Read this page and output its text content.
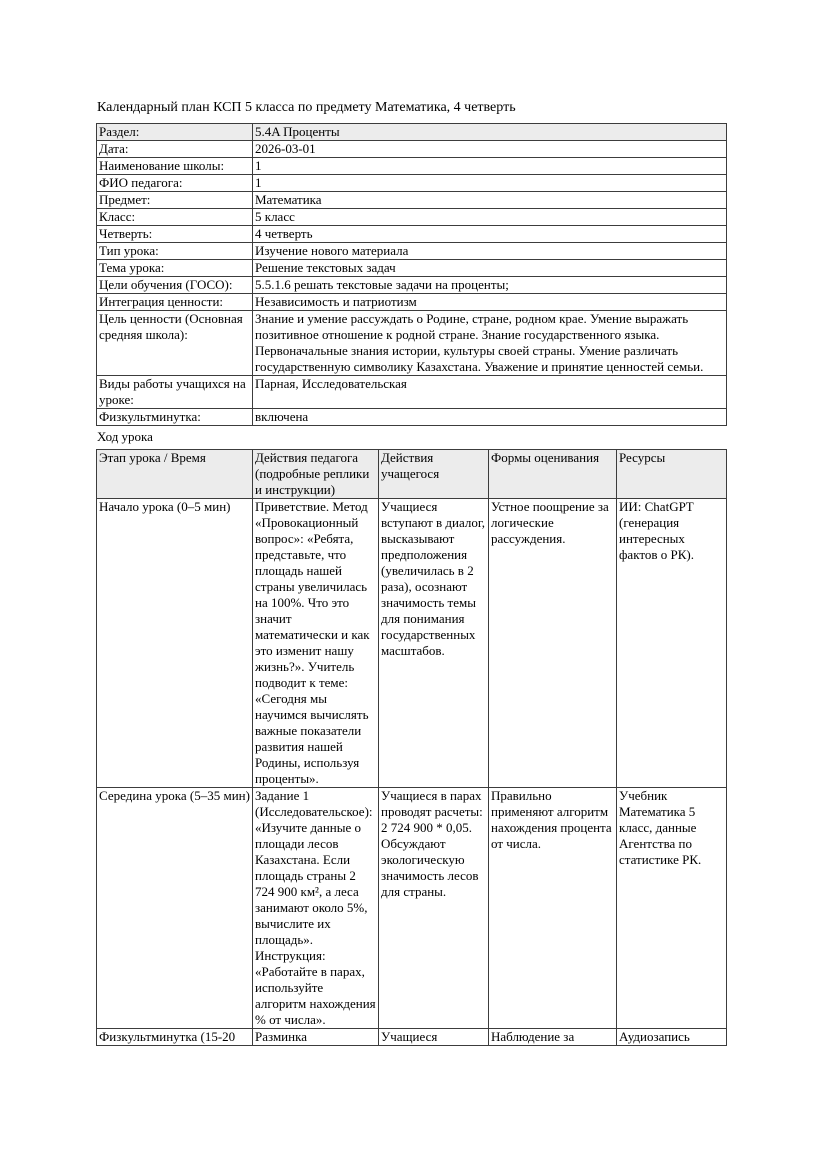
Календарный план КСП 5 класса по предмету Математика, 4 четверть

Раздел:	5.4A Проценты
Дата:	2026-03-01
Наименование школы:	1
ФИО педагога:	1
Предмет:	Математика
Класс:	5 класс
Четверть:	4 четверть
Тип урока:	Изучение нового материала
Тема урока:	Решение текстовых задач
Цели обучения (ГОСО):	5.5.1.6 решать текстовые задачи на проценты;
Интеграция ценности:	Независимость и патриотизм
Цель ценности (Основная средняя школа):	Знание и умение рассуждать о Родине, стране, родном крае. Умение выражать позитивное отношение к родной стране. Знание государственного языка. Первоначальные знания истории, культуры своей страны. Умение различать государственную символику Казахстана. Уважение и принятие ценностей семьи.
Виды работы учащихся на уроке:	Парная, Исследовательская
Физкультминутка:	включена

Ход урока

Этап урока / Время	Действия педагога (подробные реплики и инструкции)	Действия учащегося	Формы оценивания	Ресурсы
Начало урока (0–5 мин)	Приветствие. Метод «Провокационный вопрос»: «Ребята, представьте, что площадь нашей страны увеличилась на 100%. Что это значит математически и как это изменит нашу жизнь?». Учитель подводит к теме: «Сегодня мы научимся вычислять важные показатели развития нашей Родины, используя проценты».	Учащиеся вступают в диалог, высказывают предположения (увеличилась в 2 раза), осознают значимость темы для понимания государственных масштабов.	Устное поощрение за логические рассуждения.	ИИ: ChatGPT (генерация интересных фактов о РК).
Середина урока (5–35 мин)	Задание 1 (Исследовательское): «Изучите данные о площади лесов Казахстана. Если площадь страны 2 724 900 км², а леса занимают около 5%, вычислите их площадь». Инструкция: «Работайте в парах, используйте алгоритм нахождения % от числа».	Учащиеся в парах проводят расчеты: 2 724 900 * 0,05. Обсуждают экологическую значимость лесов для страны.	Правильно применяют алгоритм нахождения процента от числа.	Учебник Математика 5 класс, данные Агентства по статистике РК.
Физкультминутка (15-20	Разминка	Учащиеся	Наблюдение за	Аудиозапись
